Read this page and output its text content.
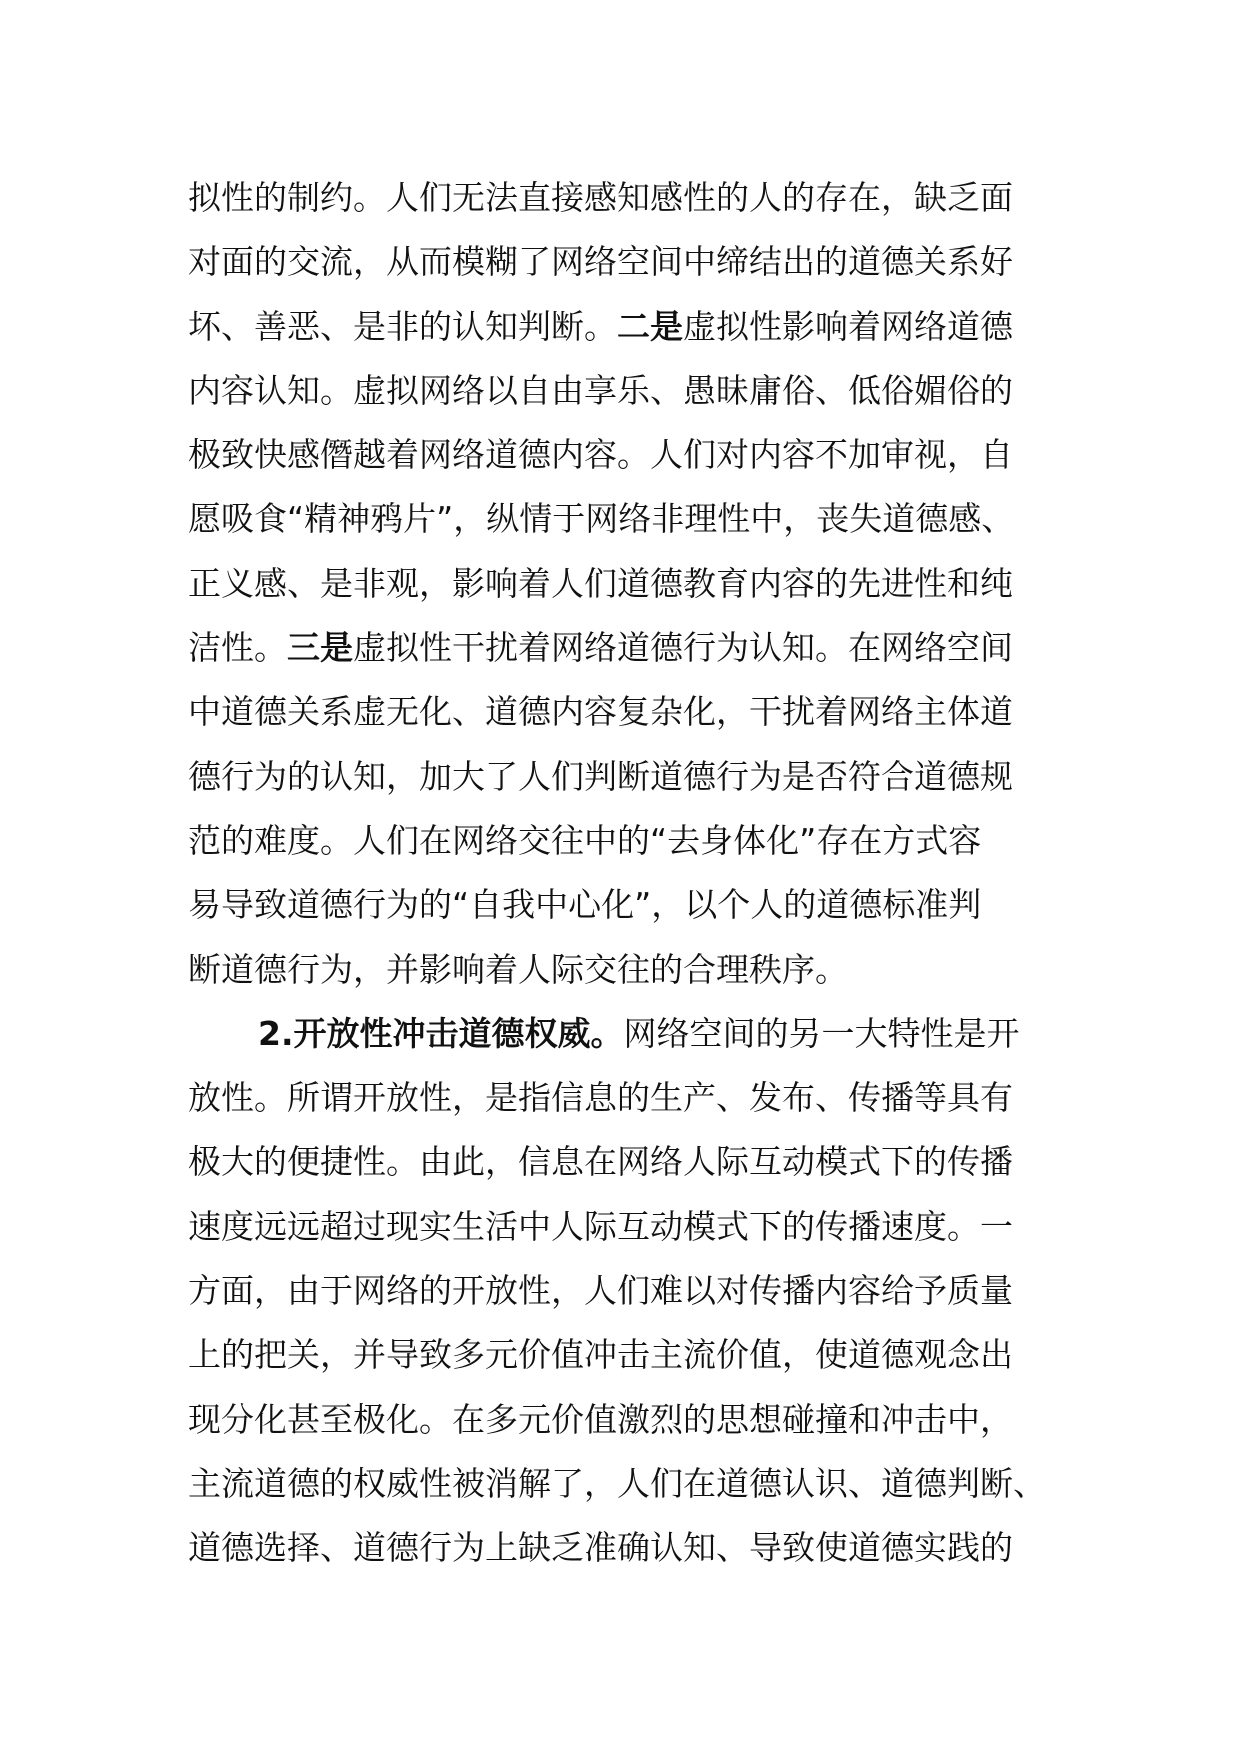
拟性的制约。人们无法直接感知感性的人的存在，缺乏面
对面的交流，从而模糊了网络空间中缔结出的道德关系好
坏、善恶、是非的认知判断。二是虚拟性影响着网络道德
内容认知。虚拟网络以自由享乐、愚昧庸俗、低俗媚俗的
极致快感僭越着网络道德内容。人们对内容不加审视，自
愿吸食“精神鸦片”，纵情于网络非理性中，丧失道德感、
正义感、是非观，影响着人们道德教育内容的先进性和纯
洁性。三是虚拟性干扰着网络道德行为认知。在网络空间
中道德关系虚无化、道德内容复杂化，干扰着网络主体道
德行为的认知，加大了人们判断道德行为是否符合道德规
范的难度。人们在网络交往中的“去身体化”存在方式容
易导致道德行为的“自我中心化”，以个人的道德标准判
断道德行为，并影响着人际交往的合理秩序。
2.开放性冲击道德权威。网络空间的另一大特性是开
放性。所谓开放性，是指信息的生产、发布、传播等具有
极大的便捷性。由此，信息在网络人际互动模式下的传播
速度远远超过现实生活中人际互动模式下的传播速度。一
方面，由于网络的开放性，人们难以对传播内容给予质量
上的把关，并导致多元价值冲击主流价值，使道德观念出
现分化甚至极化。在多元价值激烈的思想碰撞和冲击中，
主流道德的权威性被消解了，人们在道德认识、道德判断、
道德选择、道德行为上缺乏准确认知、导致使道德实践的
